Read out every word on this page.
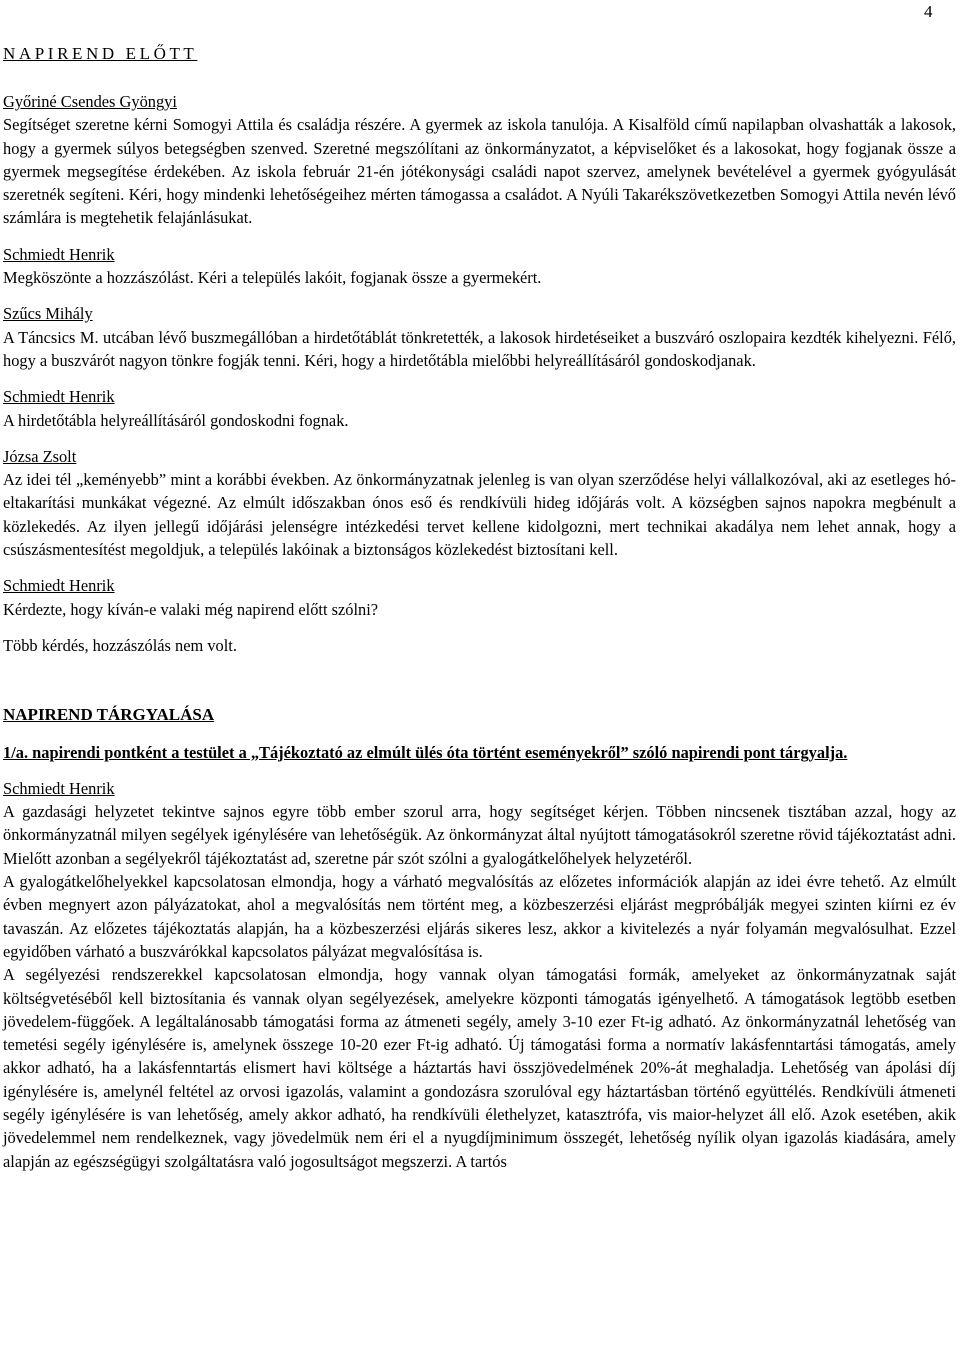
4
NAPIREND ELŐTT
Győriné Csendes Gyöngyi

Segítséget szeretne kérni Somogyi Attila és családja részére. A gyermek az iskola tanulója. A Kisalföld című napilapban olvashatták a lakosok, hogy a gyermek súlyos betegségben szenved. Szeretné megszólítani az önkormányzatot, a képviselőket és a lakosokat, hogy fogjanak össze a gyermek megsegítése érdekében. Az iskola február 21-én jótékonysági családi napot szervez, amelynek bevételével a gyermek gyógyulását szeretnék segíteni. Kéri, hogy mindenki lehetőségeihez mérten támogassa a családot. A Nyúli Takarékszövetkezetben Somogyi Attila nevén lévő számlára is megtehetik felajánlásukat.

Schmiedt Henrik

Megköszönte a hozzászólást. Kéri a település lakóit, fogjanak össze a gyermekért.

Szűcs Mihály

A Táncsics M. utcában lévő buszmegállóban a hirdetőtáblát tönkretették, a lakosok hirdetéseiket a buszváró oszlopaira kezdték kihelyezni. Félő, hogy a buszvárót nagyon tönkre fogják tenni. Kéri, hogy a hirdetőtábla mielőbbi helyreállításáról gondoskodjanak.

Schmiedt Henrik

A hirdetőtábla helyreállításáról gondoskodni fognak.

Józsa Zsolt

Az idei tél „keményebb” mint a korábbi években. Az önkormányzatnak jelenleg is van olyan szerződése helyi vállalkozóval, aki az esetleges hó-eltakarítási munkákat végezné. Az elmúlt időszakban ónos eső és rendkívüli hideg időjárás volt. A községben sajnos napokra megbénult a közlekedés. Az ilyen jellegű időjárási jelenségre intézkedési tervet kellene kidolgozni, mert technikai akadálya nem lehet annak, hogy a csúszásmentesítést megoldjuk, a település lakóinak a biztonságos közlekedést biztosítani kell.

Schmiedt Henrik

Kérdezte, hogy kíván-e valaki még napirend előtt szólni?

Több kérdés, hozzászólás nem volt.

NAPIREND TÁRGYALÁSA

1/a. napirendi pontként a testület a „Tájékoztató az elmúlt ülés óta történt eseményekről” szóló napirendi pont tárgyalja.

Schmiedt Henrik

A gazdasági helyzetet tekintve sajnos egyre több ember szorul arra, hogy segítséget kérjen. Többen nincsenek tisztában azzal, hogy az önkormányzatnál milyen segélyek igénylésére van lehetőségük. Az önkormányzat által nyújtott támogatásokról szeretne rövid tájékoztatást adni. Mielőtt azonban a segélyekről tájékoztatást ad, szeretne pár szót szólni a gyalogátkelőhelyek helyzetéről.

A gyalogátkelőhelyekkel kapcsolatosan elmondja, hogy a várható megvalósítás az előzetes információk alapján az idei évre tehető. Az elmúlt évben megnyert azon pályázatokat, ahol a megvalósítás nem történt meg, a közbeszerzési eljárást megpróbálják megyei szinten kiírni ez év tavaszán. Az előzetes tájékoztatás alapján, ha a közbeszerzési eljárás sikeres lesz, akkor a kivitelezés a nyár folyamán megvalósulhat. Ezzel egyidőben várható a buszvárókkal kapcsolatos pályázat megvalósítása is.

A segélyezési rendszerekkel kapcsolatosan elmondja, hogy vannak olyan támogatási formák, amelyeket az önkormányzatnak saját költségvetéséből kell biztosítania és vannak olyan segélyezések, amelyekre központi támogatás igényelhető. A támogatások legtöbb esetben jövedelem-függőek. A legáltalánosabb támogatási forma az átmeneti segély, amely 3-10 ezer Ft-ig adható. Az önkormányzatnál lehetőség van temetési segély igénylésére is, amelynek összege 10-20 ezer Ft-ig adható. Új támogatási forma a normatív lakásfenntartási támogatás, amely akkor adható, ha a lakásfenntartás elismert havi költsége a háztartás havi összjövedelmének 20%-át meghaladja. Lehetőség van ápolási díj igénylésére is, amelynél feltétel az orvosi igazolás, valamint a gondozásra szorulóval egy háztartásban történő együttélés. Rendkívüli átmeneti segély igénylésére is van lehetőség, amely akkor adható, ha rendkívüli élethelyzet, katasztrófa, vis maior-helyzet áll elő. Azok esetében, akik jövedelemmel nem rendelkeznek, vagy jövedelmük nem éri el a nyugdíjminimum összegét, lehetőség nyílik olyan igazolás kiadására, amely alapján az egészségügyi szolgáltatásra való jogosultságot megszerzi. A tartós
